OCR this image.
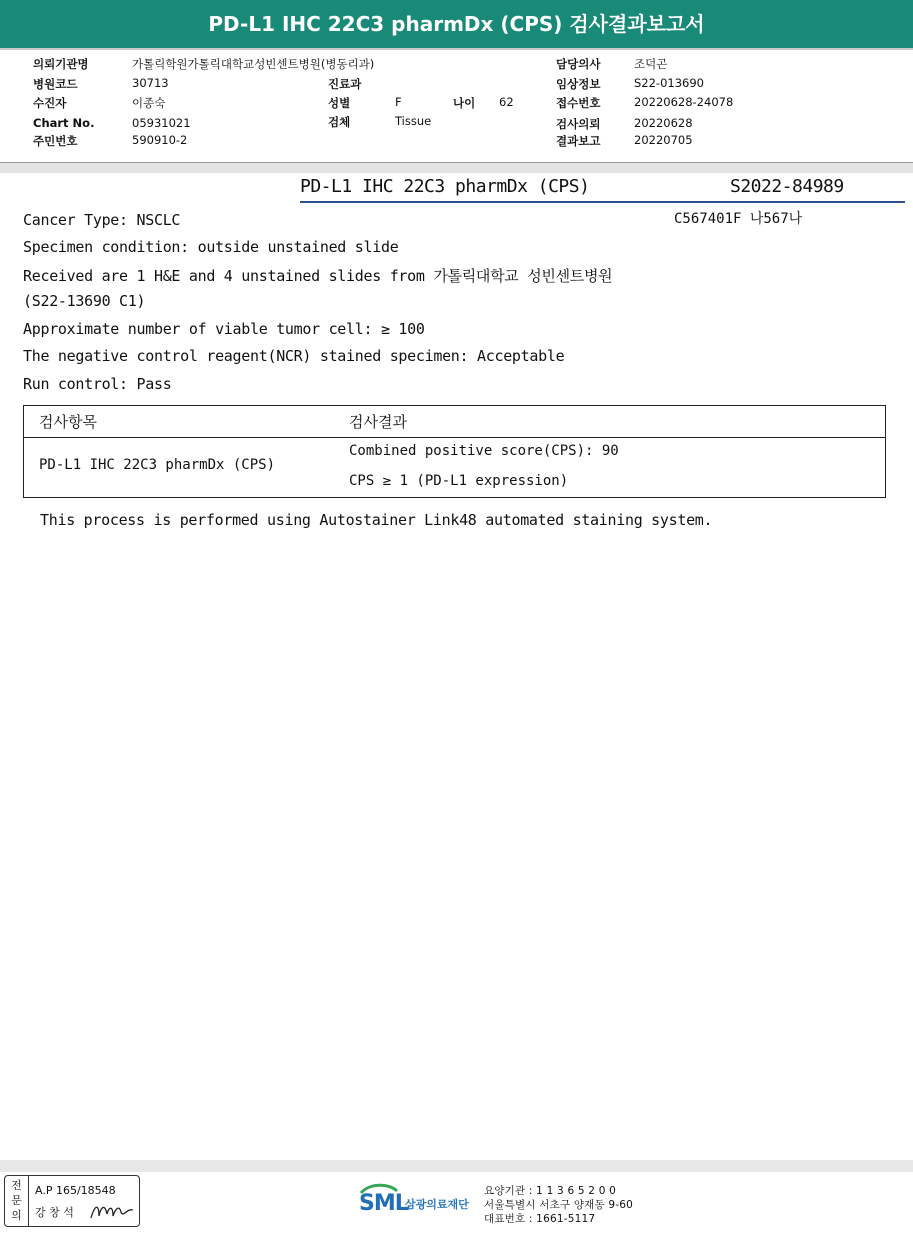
PD-L1 IHC 22C3 pharmDx (CPS) 검사결과보고서
의뢰기관명	가톨릭학원가톨릭대학교성빈센트병원(병동리과)
병원코드	30713
수진자	이종숙
Chart No.	05931021
주민번호	590910-2
진료과
성별	F	나이 62
검체	Tissue
담당의사	조덕곤
임상정보	S22-013690
접수번호	20220628-24078
검사의뢰	20220628
결과보고	20220705
PD-L1 IHC 22C3 pharmDx (CPS)	S2022-84989
C567401F 나567나
Cancer Type: NSCLC
Specimen condition: outside unstained slide
Received are 1 H&E and 4 unstained slides from 가톨릭대학교 성빈센트병원
(S22-13690 C1)
Approximate number of viable tumor cell: ≥ 100
The negative control reagent(NCR) stained specimen: Acceptable
Run control: Pass
검사항목	검사결과
PD-L1 IHC 22C3 pharmDx (CPS)
Combined positive score(CPS): 90
CPS ≥ 1 (PD-L1 expression)
This process is performed using Autostainer Link48 automated staining system.
전문의
A.P 165/18548
강 창 석	SML
삼광의료재단
요양기관 : 1 1 3 6 5 2 0 0
서울특별시 서초구 양재동 9-60
대표번호 : 1661-5117
